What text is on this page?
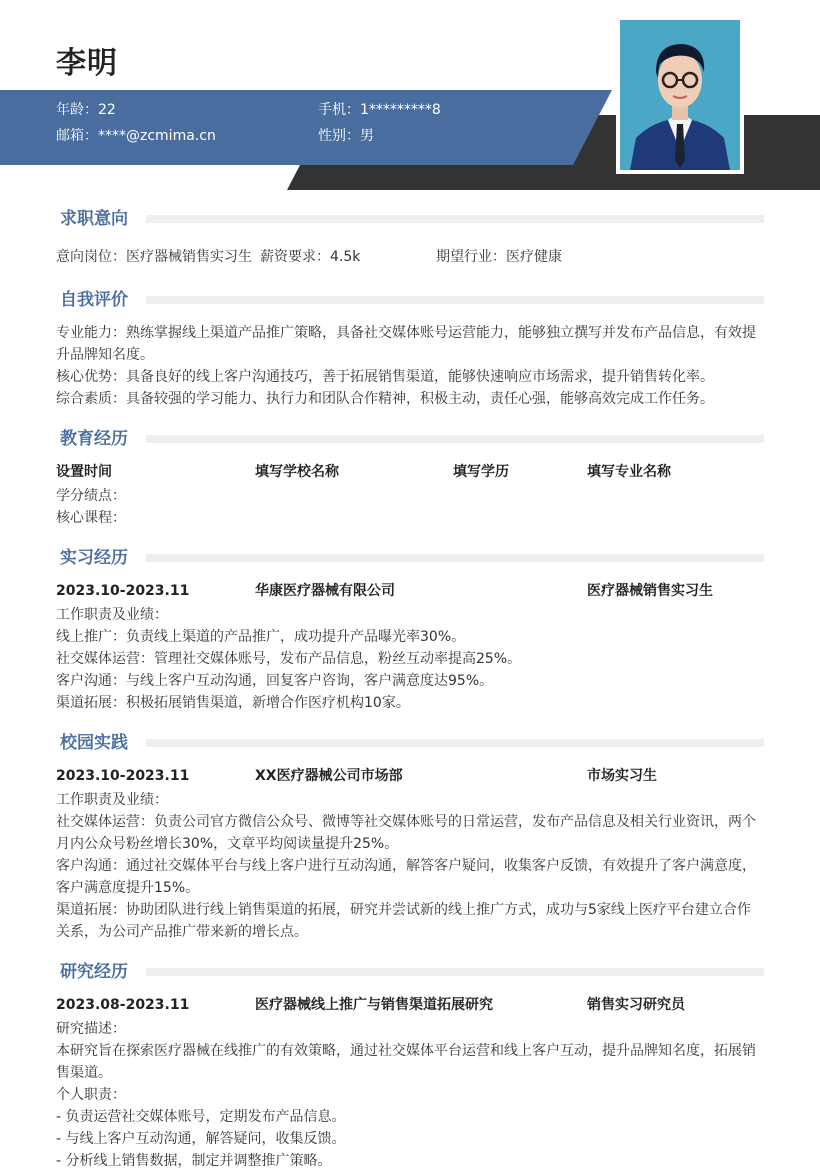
李明
年龄：22	手机：1*********8
邮箱：****@zcmima.cn	性别：男
求职意向
意向岗位：医疗器械销售实习生 薪资要求：4.5k	期望行业：医疗健康
自我评价
专业能力：熟练掌握线上渠道产品推广策略，具备社交媒体账号运营能力，能够独立撰写并发布产品信息，有效提
升品牌知名度。
核心优势：具备良好的线上客户沟通技巧，善于拓展销售渠道，能够快速响应市场需求，提升销售转化率。
综合素质：具备较强的学习能力、执行力和团队合作精神，积极主动，责任心强，能够高效完成工作任务。
教育经历
设置时间	填写学校名称	填写学历	填写专业名称
学分绩点：
核心课程：
实习经历
2023.10-2023.11	华康医疗器械有限公司	医疗器械销售实习生
工作职责及业绩：
线上推广：负责线上渠道的产品推广，成功提升产品曝光率30%。
社交媒体运营：管理社交媒体账号，发布产品信息，粉丝互动率提高25%。
客户沟通：与线上客户互动沟通，回复客户咨询，客户满意度达95%。
渠道拓展：积极拓展销售渠道，新增合作医疗机构10家。
校园实践
2023.10-2023.11	XX医疗器械公司市场部	市场实习生
工作职责及业绩：
社交媒体运营：负责公司官方微信公众号、微博等社交媒体账号的日常运营，发布产品信息及相关行业资讯，两个
月内公众号粉丝增长30%，文章平均阅读量提升25%。
客户沟通：通过社交媒体平台与线上客户进行互动沟通，解答客户疑问，收集客户反馈，有效提升了客户满意度，
客户满意度提升15%。
渠道拓展：协助团队进行线上销售渠道的拓展，研究并尝试新的线上推广方式，成功与5家线上医疗平台建立合作
关系，为公司产品推广带来新的增长点。
研究经历
2023.08-2023.11	医疗器械线上推广与销售渠道拓展研究	销售实习研究员
研究描述：
本研究旨在探索医疗器械在线推广的有效策略，通过社交媒体平台运营和线上客户互动，提升品牌知名度，拓展销
售渠道。
个人职责：
- 负责运营社交媒体账号，定期发布产品信息。
- 与线上客户互动沟通，解答疑问，收集反馈。
- 分析线上销售数据，制定并调整推广策略。
